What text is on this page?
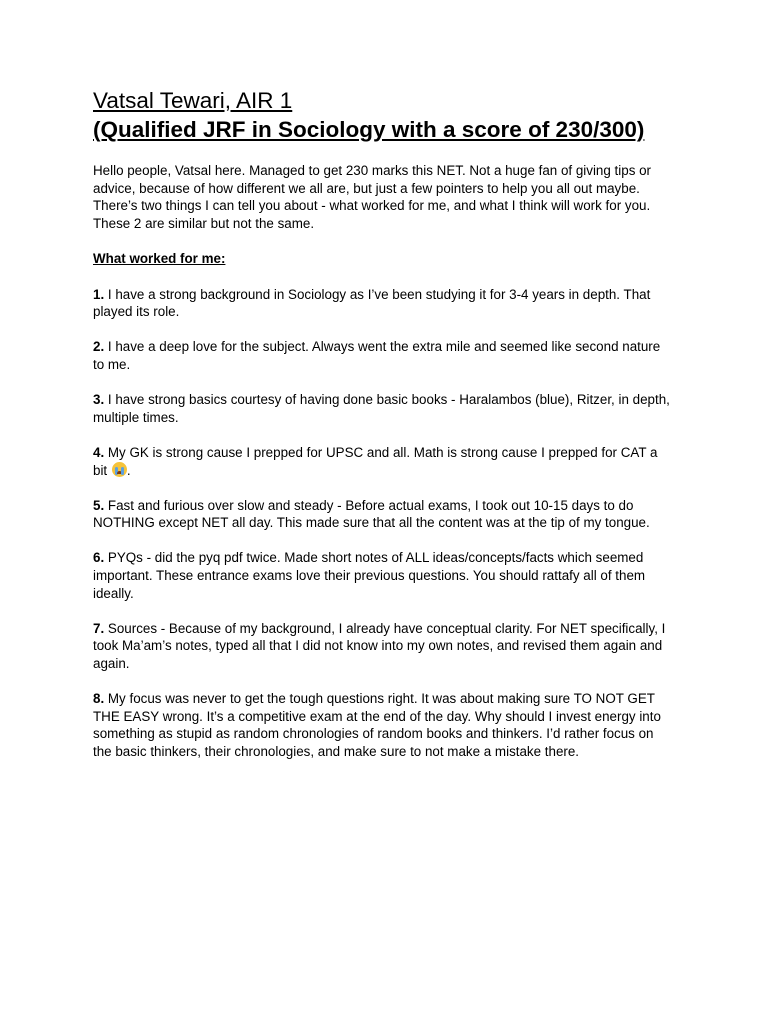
Vatsal Tewari, AIR 1
(Qualified JRF in Sociology with a score of 230/300)

Hello people, Vatsal here. Managed to get 230 marks this NET. Not a huge fan of giving tips or advice, because of how different we all are, but just a few pointers to help you all out maybe. There’s two things I can tell you about - what worked for me, and what I think will work for you. These 2 are similar but not the same.

What worked for me:

1. I have a strong background in Sociology as I’ve been studying it for 3-4 years in depth. That played its role.

2. I have a deep love for the subject. Always went the extra mile and seemed like second nature to me.

3. I have strong basics courtesy of having done basic books - Haralambos (blue), Ritzer, in depth, multiple times.

4. My GK is strong cause I prepped for UPSC and all. Math is strong cause I prepped for CAT a bit .

5. Fast and furious over slow and steady - Before actual exams, I took out 10-15 days to do NOTHING except NET all day. This made sure that all the content was at the tip of my tongue.

6. PYQs - did the pyq pdf twice. Made short notes of ALL ideas/concepts/facts which seemed important. These entrance exams love their previous questions. You should rattafy all of them ideally.

7. Sources - Because of my background, I already have conceptual clarity. For NET specifically, I took Ma’am’s notes, typed all that I did not know into my own notes, and revised them again and again.

8. My focus was never to get the tough questions right. It was about making sure TO NOT GET THE EASY wrong. It’s a competitive exam at the end of the day. Why should I invest energy into something as stupid as random chronologies of random books and thinkers. I’d rather focus on the basic thinkers, their chronologies, and make sure to not make a mistake there.
